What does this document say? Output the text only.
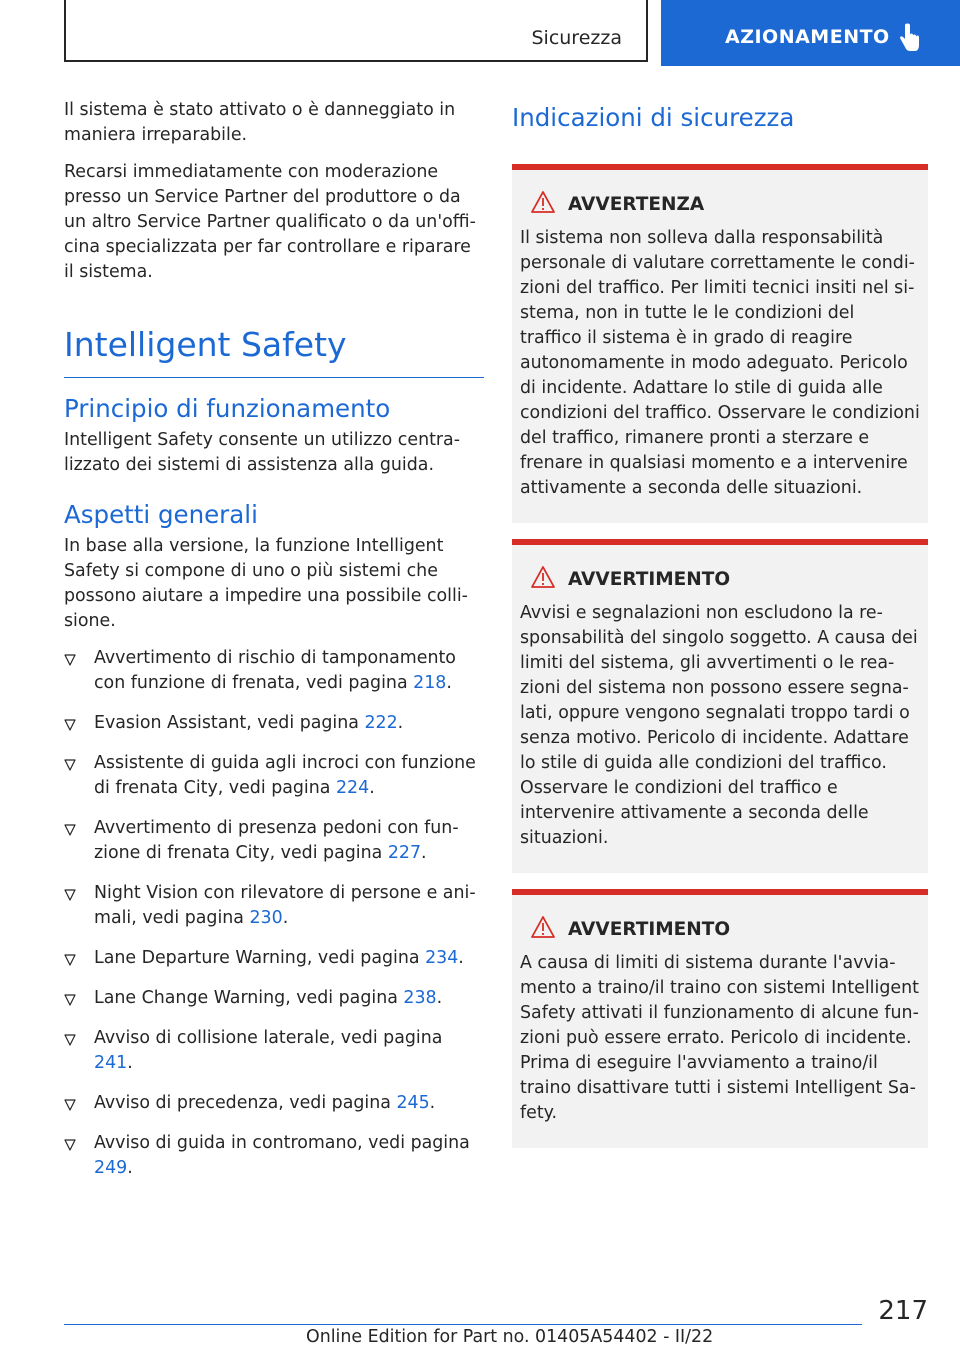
Sicurezza	AZIONAMENTO

Il sistema è stato attivato o è danneggiato in maniera irreparabile.

Recarsi immediatamente con moderazione presso un Service Partner del produttore o da un altro Service Partner qualificato o da un'officina specializzata per far controllare e riparare il sistema.

Intelligent Safety
Principio di funzionamento

Intelligent Safety consente un utilizzo centralizzato dei sistemi di assistenza alla guida.

Aspetti generali

In base alla versione, la funzione Intelligent Safety si compone di uno o più sistemi che possono aiutare a impedire una possibile collisione.

Avvertimento di rischio di tamponamento con funzione di frenata, vedi pagina 218.
Evasion Assistant, vedi pagina 222.
Assistente di guida agli incroci con funzione di frenata City, vedi pagina 224.
Avvertimento di presenza pedoni con funzione di frenata City, vedi pagina 227.
Night Vision con rilevatore di persone e animali, vedi pagina 230.
Lane Departure Warning, vedi pagina 234.
Lane Change Warning, vedi pagina 238.
Avviso di collisione laterale, vedi pagina 241.
Avviso di precedenza, vedi pagina 245.
Avviso di guida in contromano, vedi pagina 249.
Indicazioni di sicurezza
AVVERTENZA

Il sistema non solleva dalla responsabilità personale di valutare correttamente le condizioni del traffico. Per limiti tecnici insiti nel sistema, non in tutte le le condizioni del traffico il sistema è in grado di reagire autonomamente in modo adeguato. Pericolo di incidente. Adattare lo stile di guida alle condizioni del traffico. Osservare le condizioni del traffico, rimanere pronti a sterzare e frenare in qualsiasi momento e a intervenire attivamente a seconda delle situazioni.

AVVERTIMENTO

Avvisi e segnalazioni non escludono la responsabilità del singolo soggetto. A causa dei limiti del sistema, gli avvertimenti o le reazioni del sistema non possono essere segnalati, oppure vengono segnalati troppo tardi o senza motivo. Pericolo di incidente. Adattare lo stile di guida alle condizioni del traffico. Osservare le condizioni del traffico e intervenire attivamente a seconda delle situazioni.

AVVERTIMENTO

A causa di limiti di sistema durante l'avviamento a traino/il traino con sistemi Intelligent Safety attivati il funzionamento di alcune funzioni può essere errato. Pericolo di incidente. Prima di eseguire l'avviamento a traino/il traino disattivare tutti i sistemi Intelligent Safety.

217
Online Edition for Part no. 01405A54402 - II/22
